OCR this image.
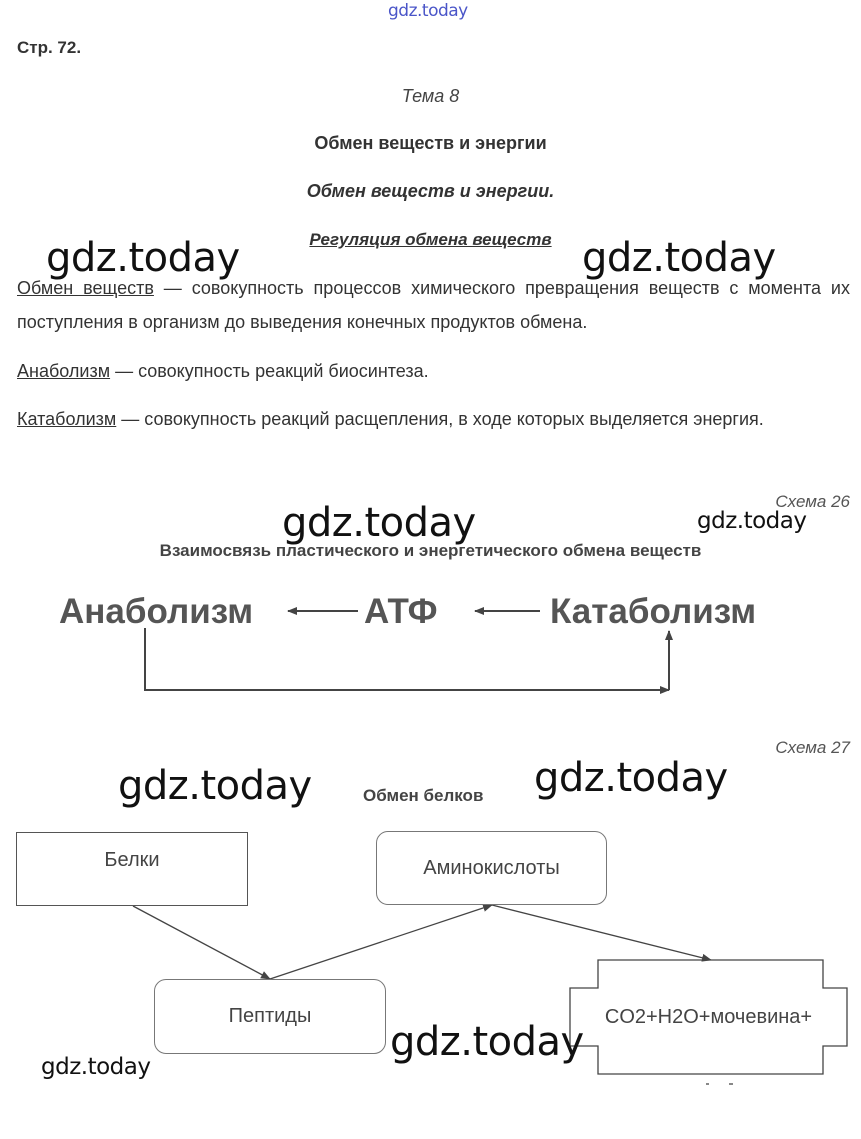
gdz.today
gdz.today	gdz.today
gdz.today	gdz.today
gdz.today	gdz.today
Стр. 72.
Тема 8
Обмен веществ и энергии
Обмен веществ и энергии.
Регуляция обмена веществ
Обмен веществ — совокупность процессов химического превращения веществ с момента их поступления в организм до выведения конечных продуктов обмена.
Анаболизм — совокупность реакций биосинтеза.
Катаболизм — совокупность реакций расщепления, в ходе которых выделяется энергия.
Схема 26
Взаимосвязь пластического и энергетического обмена веществ
Анаболизм	АТФ	Катаболизм
Схема 27
Обмен белков
Белки	Аминокислоты
Пептиды	CO2+H2O+мочевина+
gdz.today
gdz.today
